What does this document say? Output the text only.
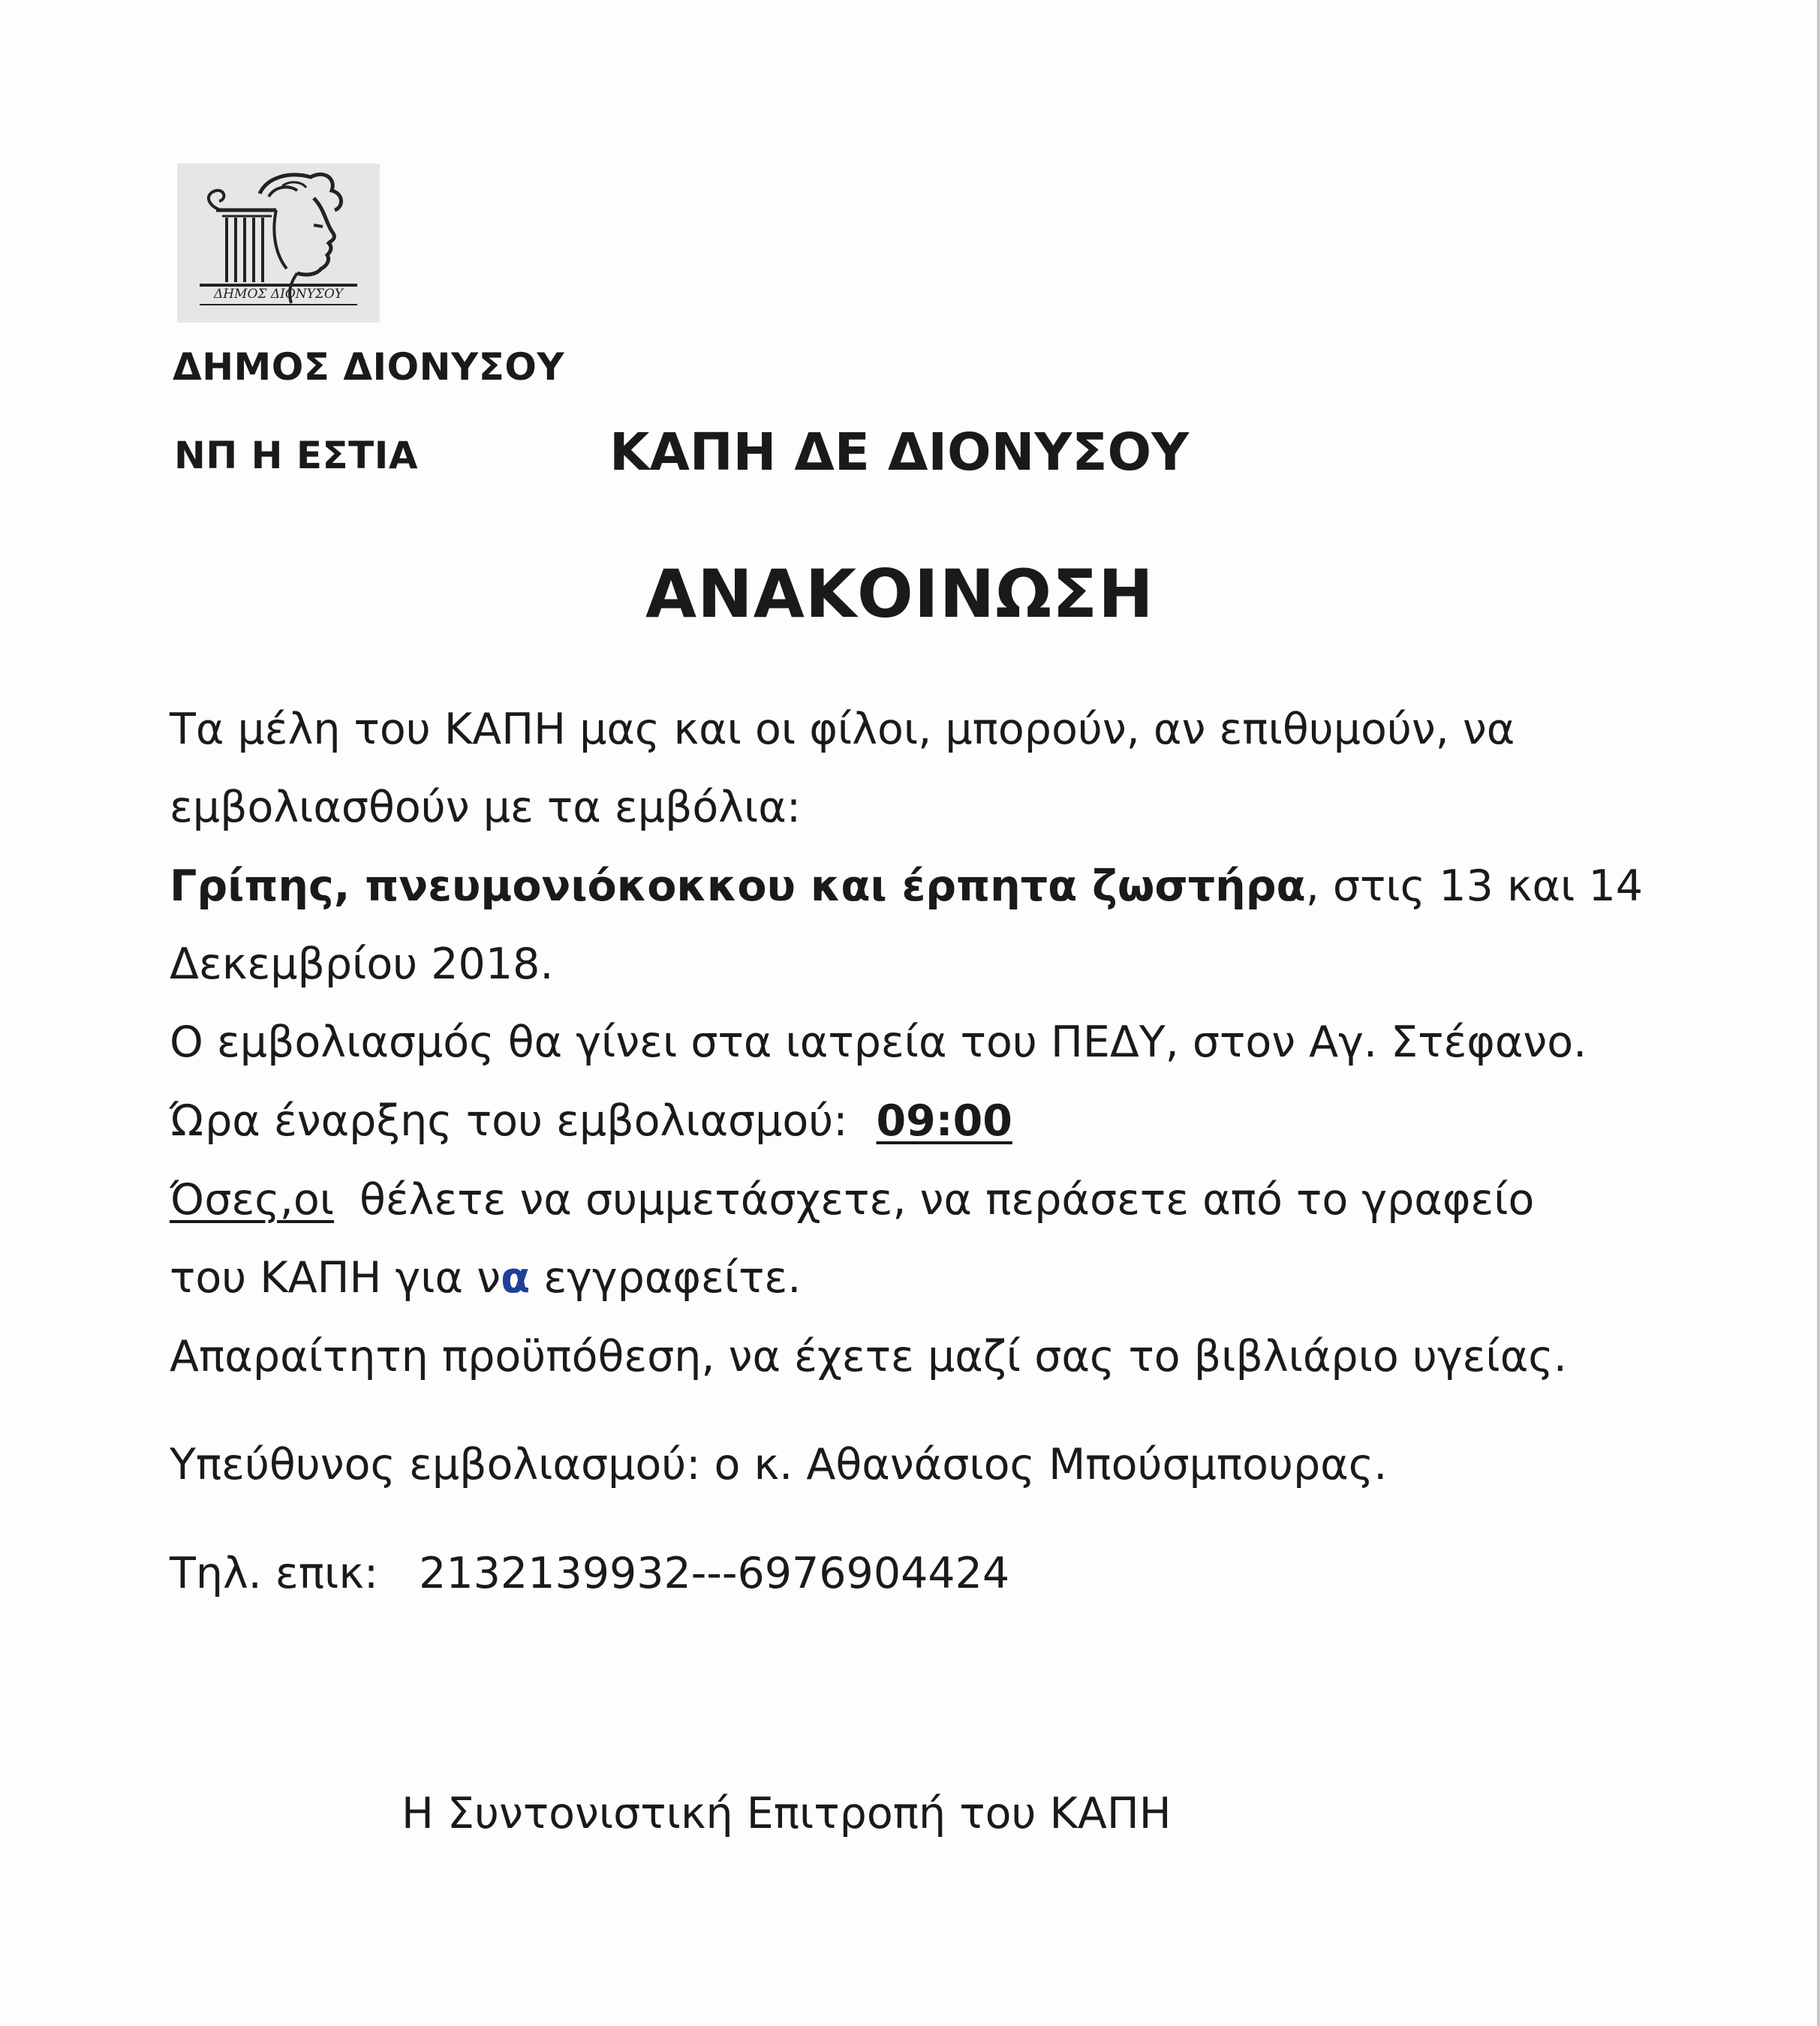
ΔΗΜΟΣ ΔΙΟΝΥΣΟΥ
ΔΗΜΟΣ ΔΙΟΝΥΣΟΥ
ΝΠ Η ΕΣΤΙΑ	ΚΑΠΗ ΔΕ ΔΙΟΝΥΣΟΥ
ΑΝΑΚΟΙΝΩΣΗ
Τα μέλη του ΚΑΠΗ μας και οι φίλοι, μπορούν, αν επιθυμούν, να
εμβολιασθούν με τα εμβόλια:
Γρίπης, πνευμονιόκοκκου και έρπητα ζωστήρα, στις 13 και 14
Δεκεμβρίου 2018.
Ο εμβολιασμός θα γίνει στα ιατρεία του ΠΕΔΥ, στον Αγ. Στέφανο.
Ώρα έναρξης του εμβολιασμού: 09:00
Όσες,οι θέλετε να συμμετάσχετε, να περάσετε από το γραφείο
του ΚΑΠΗ για να εγγραφείτε.
Απαραίτητη προϋπόθεση, να έχετε μαζί σας το βιβλιάριο υγείας.
Υπεύθυνος εμβολιασμού: ο κ. Αθανάσιος Μπούσμπουρας.
Τηλ. επικ: 2132139932---6976904424
Η Συντονιστική Επιτροπή του ΚΑΠΗ
